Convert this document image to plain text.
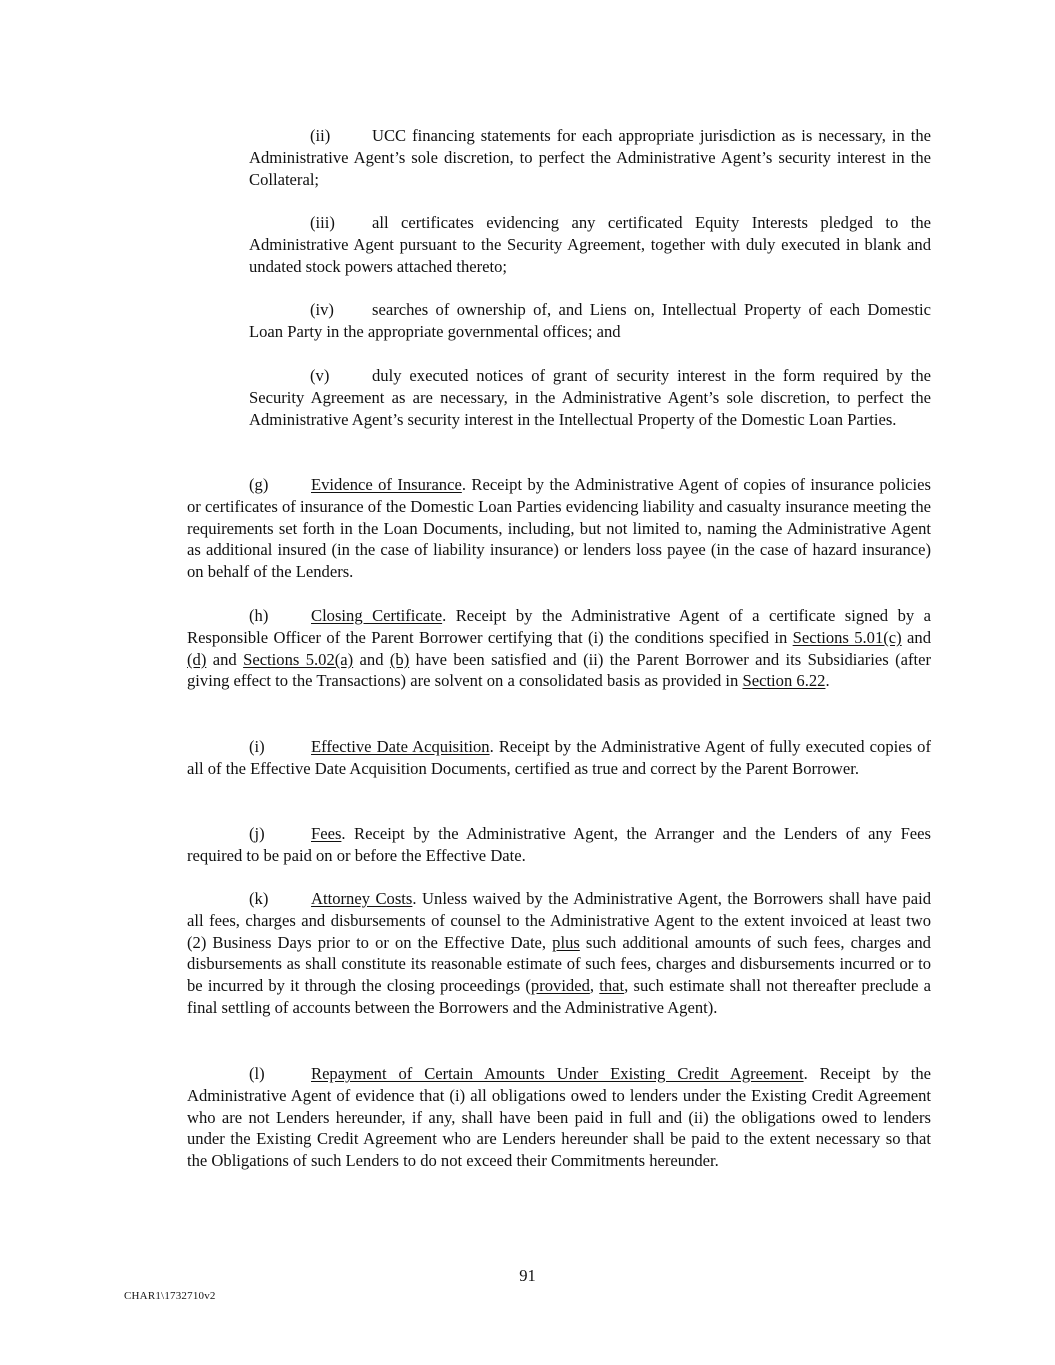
(ii)	UCC financing statements for each appropriate jurisdiction as is necessary, in the Administrative Agent’s sole discretion, to perfect the Administrative Agent’s security interest in the Collateral;

(iii) all certificates evidencing any certificated Equity Interests pledged to the Administrative Agent pursuant to the Security Agreement, together with duly executed in blank and undated stock powers attached thereto;

(iv) searches of ownership of, and Liens on, Intellectual Property of each Domestic Loan Party in the appropriate governmental offices; and

(v)	duly executed notices of grant of security interest in the form required by the Security Agreement as are necessary, in the Administrative Agent’s sole discretion, to perfect the Administrative Agent’s security interest in the Intellectual Property of the Domestic Loan Parties.

(g)	Evidence of Insurance. Receipt by the Administrative Agent of copies of insurance policies or certificates of insurance of the Domestic Loan Parties evidencing liability and casualty insurance meeting the requirements set forth in the Loan Documents, including, but not limited to, naming the Administrative Agent as additional insured (in the case of liability insurance) or lenders loss payee (in the case of hazard insurance) on behalf of the Lenders.

(h)	Closing Certificate. Receipt by the Administrative Agent of a certificate signed by a Responsible Officer of the Parent Borrower certifying that (i) the conditions specified in Sections 5.01(c) and (d) and Sections 5.02(a) and (b) have been satisfied and (ii) the Parent Borrower and its Subsidiaries (after giving effect to the Transactions) are solvent on a consolidated basis as provided in Section 6.22.

(i)	Effective Date Acquisition. Receipt by the Administrative Agent of fully executed copies of all of the Effective Date Acquisition Documents, certified as true and correct by the Parent Borrower.

(j)	Fees. Receipt by the Administrative Agent, the Arranger and the Lenders of any Fees required to be paid on or before the Effective Date.

(k)	Attorney Costs. Unless waived by the Administrative Agent, the Borrowers shall have paid all fees, charges and disbursements of counsel to the Administrative Agent to the extent invoiced at least two (2) Business Days prior to or on the Effective Date, plus such additional amounts of such fees, charges and disbursements as shall constitute its reasonable estimate of such fees, charges and disbursements incurred or to be incurred by it through the closing proceedings (provided, that, such estimate shall not thereafter preclude a final settling of accounts between the Borrowers and the Administrative Agent).

(l)	Repayment of Certain Amounts Under Existing Credit Agreement. Receipt by the Administrative Agent of evidence that (i) all obligations owed to lenders under the Existing Credit Agreement who are not Lenders hereunder, if any, shall have been paid in full and (ii) the obligations owed to lenders under the Existing Credit Agreement who are Lenders hereunder shall be paid to the extent necessary so that the Obligations of such Lenders to do not exceed their Commitments hereunder.

91
CHAR1\1732710v2
